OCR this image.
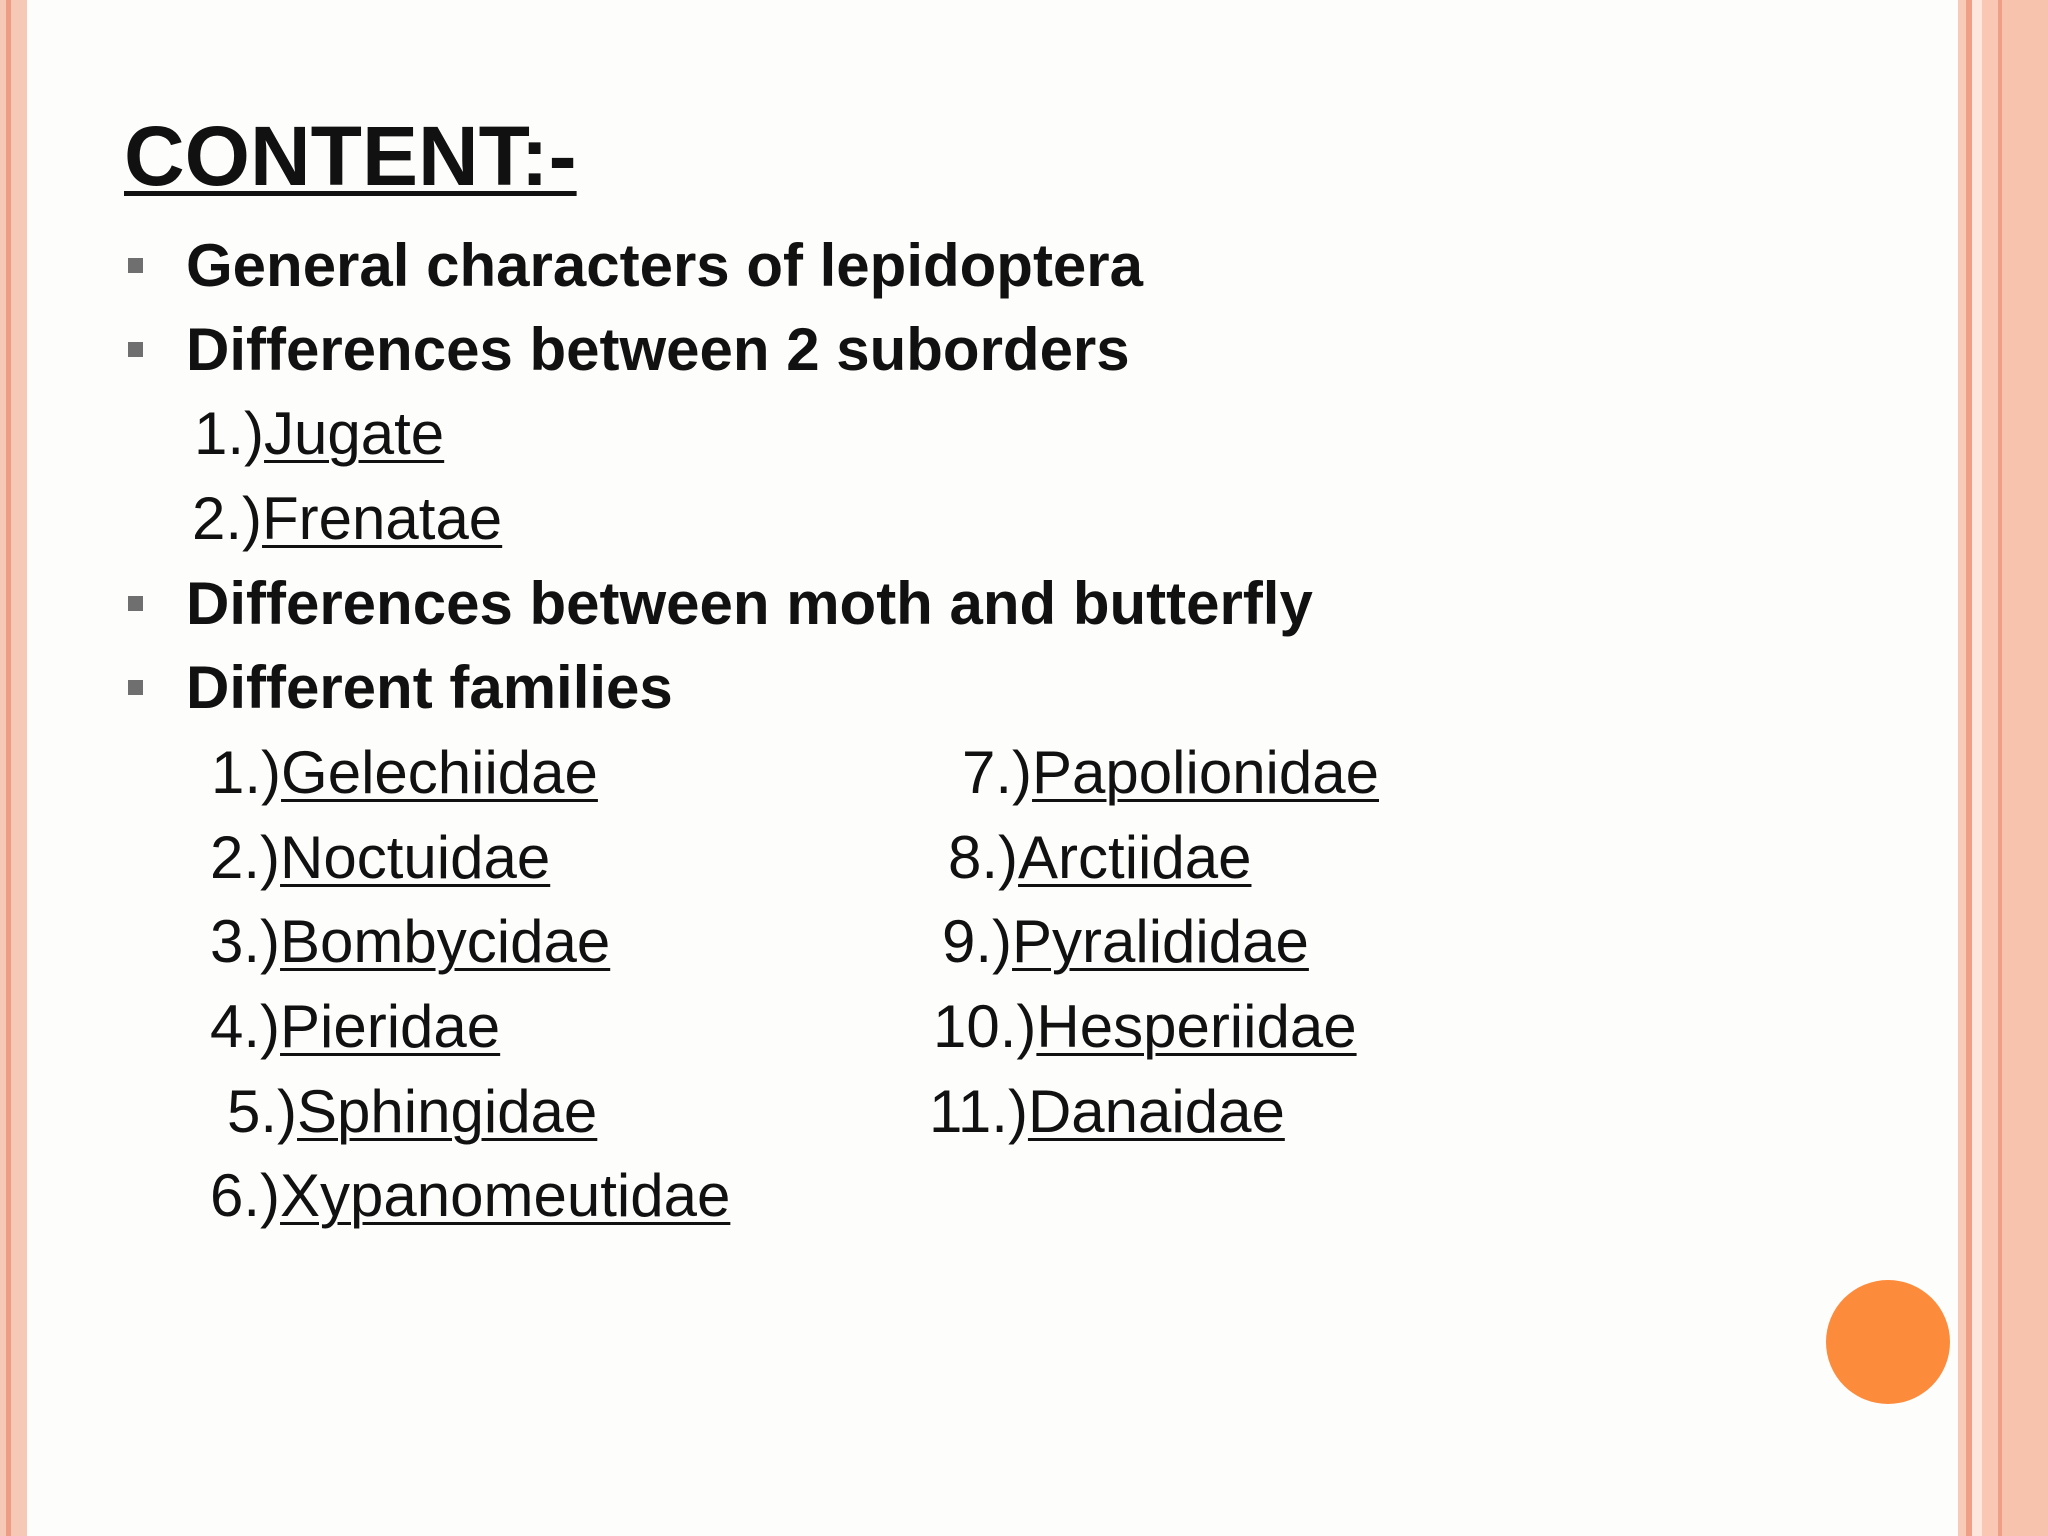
CONTENT:-
General characters of lepidoptera
Differences between 2 suborders
1.)Jugate
2.)Frenatae
Differences between moth and butterfly
Different families
1.)Gelechiidae
2.)Noctuidae
3.)Bombycidae
4.)Pieridae
5.)Sphingidae
6.)Xypanomeutidae
7.)Papolionidae
8.)Arctiidae
9.)Pyralididae
10.)Hesperiidae
11.)Danaidae
